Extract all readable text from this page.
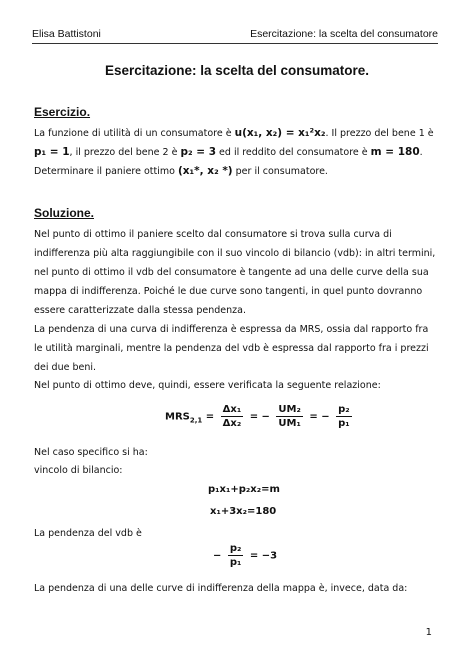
Elisa Battistoni	Esercitazione: la scelta del consumatore
Esercitazione: la scelta del consumatore.
Esercizio.
La funzione di utilità di un consumatore è u(x₁, x₂) = x₁²x₂. Il prezzo del bene 1 è p₁ = 1, il prezzo del bene 2 è p₂ = 3 ed il reddito del consumatore è m = 180. Determinare il paniere ottimo (x₁*, x₂ *) per il consumatore.
Soluzione.
Nel punto di ottimo il paniere scelto dal consumatore si trova sulla curva di indifferenza più alta raggiungibile con il suo vincolo di bilancio (vdb): in altri termini, nel punto di ottimo il vdb del consumatore è tangente ad una delle curve della sua mappa di indifferenza. Poiché le due curve sono tangenti, in quel punto dovranno essere caratterizzate dalla stessa pendenza.
La pendenza di una curva di indifferenza è espressa da MRS, ossia dal rapporto fra le utilità marginali, mentre la pendenza del vdb è espressa dal rapporto fra i prezzi dei due beni.
Nel punto di ottimo deve, quindi, essere verificata la seguente relazione:
$MRS_{2,1} = \frac{\text{Δx₁}}{\text{Δx₂}}$ = − $\frac{\text{UM₂}}{\text{UM₁}}$ = − $\frac{\text{p₂}}{\text{p₁}}$
Nel caso specifico si ha:
vincolo di bilancio:
p₁x₁+p₂x₂=m
x₁+3x₂=180
La pendenza del vdb è
− $\frac{\text{p₂}}{\text{p₁}} = -3$
La pendenza di una delle curve di indifferenza della mappa è, invece, data da:
1
